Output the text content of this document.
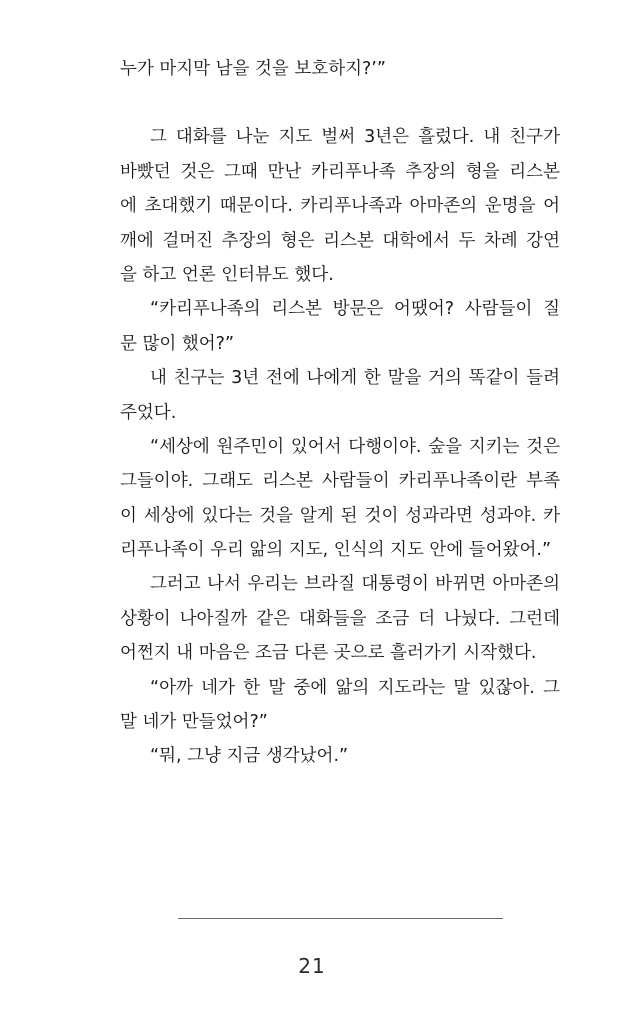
누가 마지막 남을 것을 보호하지?’”
그 대화를 나눈 지도 벌써 3년은 흘렀다. 내 친구가
바빴던 것은 그때 만난 카리푸나족 추장의 형을 리스본
에 초대했기 때문이다. 카리푸나족과 아마존의 운명을 어
깨에 걸머진 추장의 형은 리스본 대학에서 두 차례 강연
을 하고 언론 인터뷰도 했다.
“카리푸나족의 리스본 방문은 어땠어? 사람들이 질
문 많이 했어?”
내 친구는 3년 전에 나에게 한 말을 거의 똑같이 들려
주었다.
“세상에 원주민이 있어서 다행이야. 숲을 지키는 것은
그들이야. 그래도 리스본 사람들이 카리푸나족이란 부족
이 세상에 있다는 것을 알게 된 것이 성과라면 성과야. 카
리푸나족이 우리 앎의 지도, 인식의 지도 안에 들어왔어.”
그러고 나서 우리는 브라질 대통령이 바뀌면 아마존의
상황이 나아질까 같은 대화들을 조금 더 나눴다. 그런데
어쩐지 내 마음은 조금 다른 곳으로 흘러가기 시작했다.
“아까 네가 한 말 중에 앎의 지도라는 말 있잖아. 그
말 네가 만들었어?”
“뭐, 그냥 지금 생각났어.”
21
